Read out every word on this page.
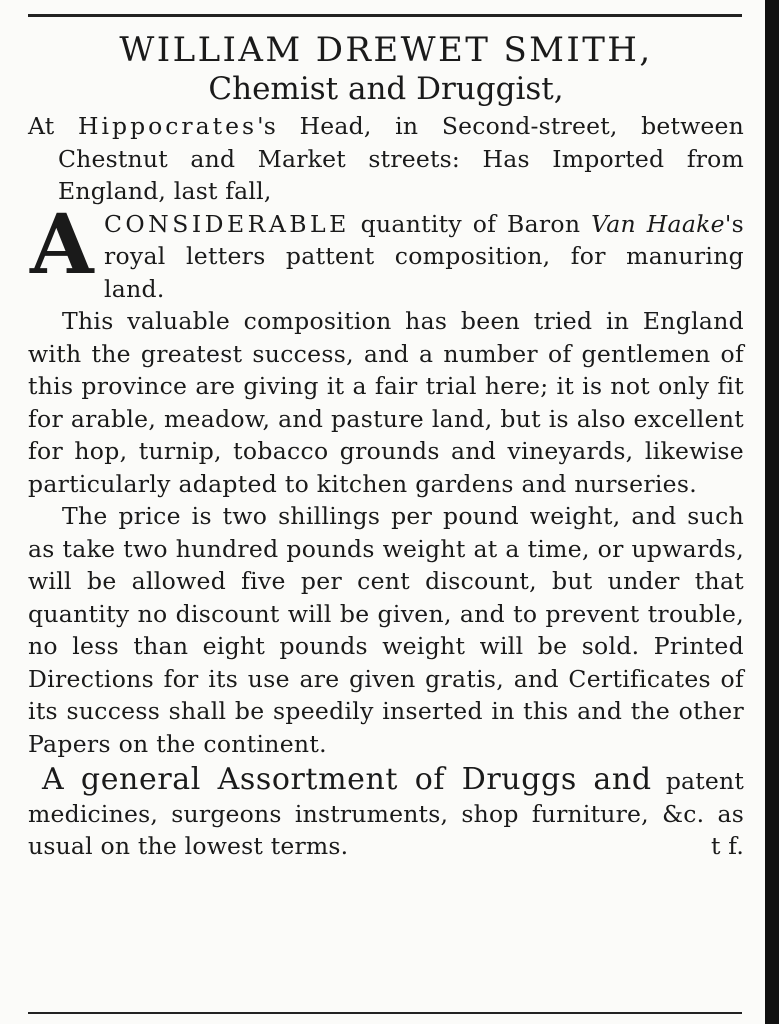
WILLIAM DREWET SMITH,
Chemist and Druggist,

At Hippocrates's Head, in Second-street, between Chestnut and Market streets: Has Imported from England, last fall,

ACONSIDERABLE quantity of Baron Van Haake's royal letters pattent composition, for manuring land.

This valuable composition has been tried in England with the greatest success, and a number of gentlemen of this province are giving it a fair trial here; it is not only fit for arable, meadow, and pasture land, but is also excellent for hop, turnip, tobacco grounds and vineyards, likewise particularly adapted to kitchen gardens and nurseries.

The price is two shillings per pound weight, and such as take two hundred pounds weight at a time, or upwards, will be allowed five per cent discount, but under that quantity no discount will be given, and to prevent trouble, no less than eight pounds weight will be sold. Printed Directions for its use are given gratis, and Certificates of its success shall be speedily inserted in this and the other Papers on the continent.

A general Assortment of Druggs and patent medicines, surgeons instruments, shop furniture, &c. as usual on the lowest terms.	t f.
